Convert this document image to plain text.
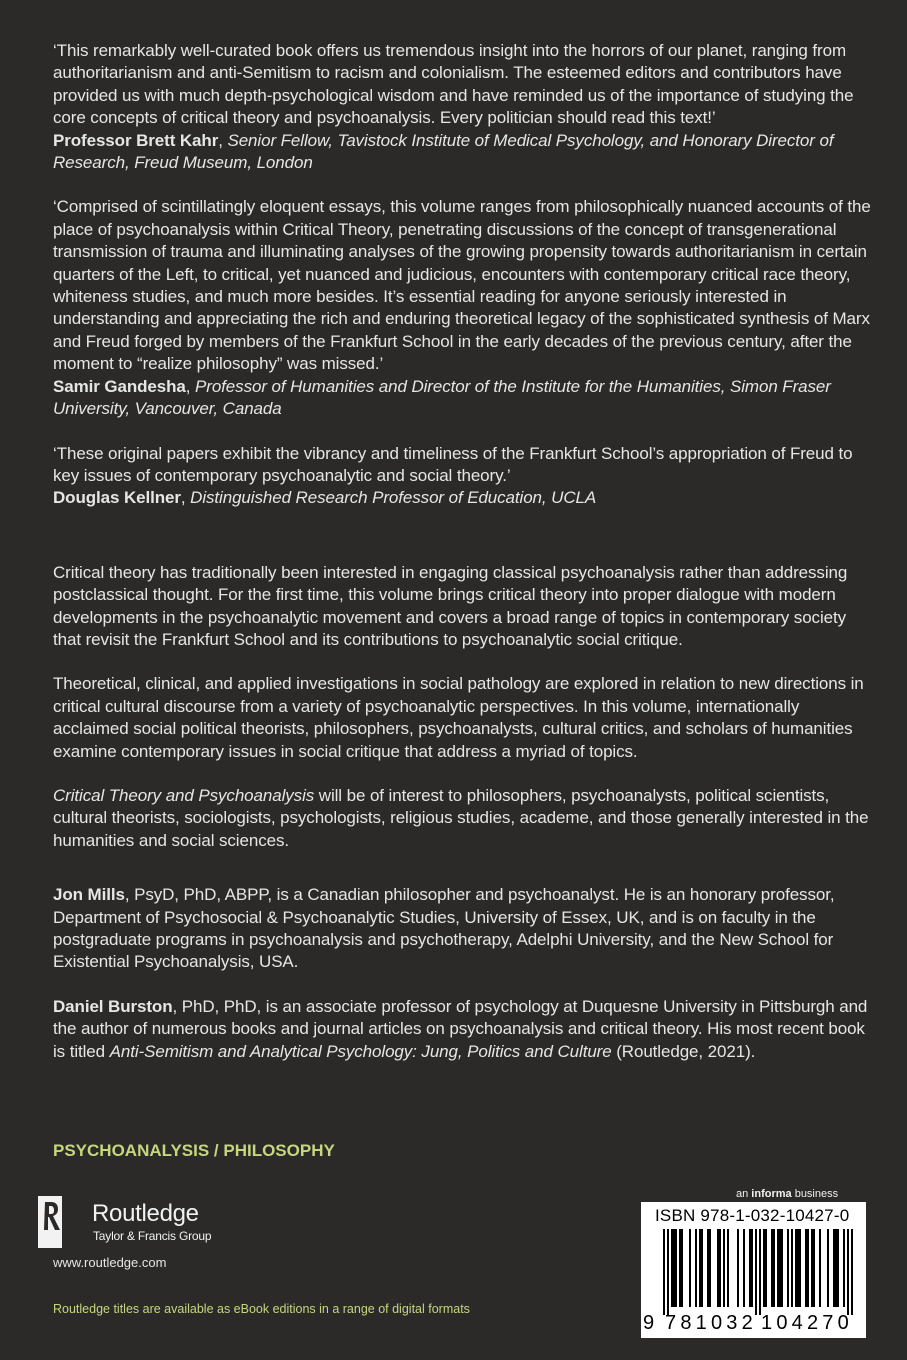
‘This remarkably well-curated book offers us tremendous insight into the horrors of our planet, ranging from authoritarianism and anti-Semitism to racism and colonialism. The esteemed editors and contributors have provided us with much depth-psychological wisdom and have reminded us of the importance of studying the core concepts of critical theory and psychoanalysis. Every politician should read this text!’
Professor Brett Kahr, Senior Fellow, Tavistock Institute of Medical Psychology, and Honorary Director of Research, Freud Museum, London

‘Comprised of scintillatingly eloquent essays, this volume ranges from philosophically nuanced accounts of the place of psychoanalysis within Critical Theory, penetrating discussions of the concept of transgenerational transmission of trauma and illuminating analyses of the growing propensity towards authoritarianism in certain quarters of the Left, to critical, yet nuanced and judicious, encounters with contemporary critical race theory, whiteness studies, and much more besides. It’s essential reading for anyone seriously interested in understanding and appreciating the rich and enduring theoretical legacy of the sophisticated synthesis of Marx and Freud forged by members of the Frankfurt School in the early decades of the previous century, after the moment to “realize philosophy” was missed.’
Samir Gandesha, Professor of Humanities and Director of the Institute for the Humanities, Simon Fraser University, Vancouver, Canada

‘These original papers exhibit the vibrancy and timeliness of the Frankfurt School’s appropriation of Freud to key issues of contemporary psychoanalytic and social theory.’
Douglas Kellner, Distinguished Research Professor of Education, UCLA

Critical theory has traditionally been interested in engaging classical psychoanalysis rather than addressing postclassical thought. For the first time, this volume brings critical theory into proper dialogue with modern developments in the psychoanalytic movement and covers a broad range of topics in contemporary society that revisit the Frankfurt School and its contributions to psychoanalytic social critique.

Theoretical, clinical, and applied investigations in social pathology are explored in relation to new directions in critical cultural discourse from a variety of psychoanalytic perspectives. In this volume, internationally acclaimed social political theorists, philosophers, psychoanalysts, cultural critics, and scholars of humanities examine contemporary issues in social critique that address a myriad of topics.

Critical Theory and Psychoanalysis will be of interest to philosophers, psychoanalysts, political scientists, cultural theorists, sociologists, psychologists, religious studies, academe, and those generally interested in the humanities and social sciences.

Jon Mills, PsyD, PhD, ABPP, is a Canadian philosopher and psychoanalyst. He is an honorary professor, Department of Psychosocial & Psychoanalytic Studies, University of Essex, UK, and is on faculty in the postgraduate programs in psychoanalysis and psychotherapy, Adelphi University, and the New School for Existential Psychoanalysis, USA.

Daniel Burston, PhD, PhD, is an associate professor of psychology at Duquesne University in Pittsburgh and the author of numerous books and journal articles on psychoanalysis and critical theory. His most recent book is titled Anti-Semitism and Analytical Psychology: Jung, Politics and Culture (Routledge, 2021).

PSYCHOANALYSIS / PHILOSOPHY
Routledge
Taylor & Francis Group
www.routledge.com
Routledge titles are available as eBook editions in a range of digital formats
an informa business
ISBN 978-1-032-10427-0
9 781032 104270
